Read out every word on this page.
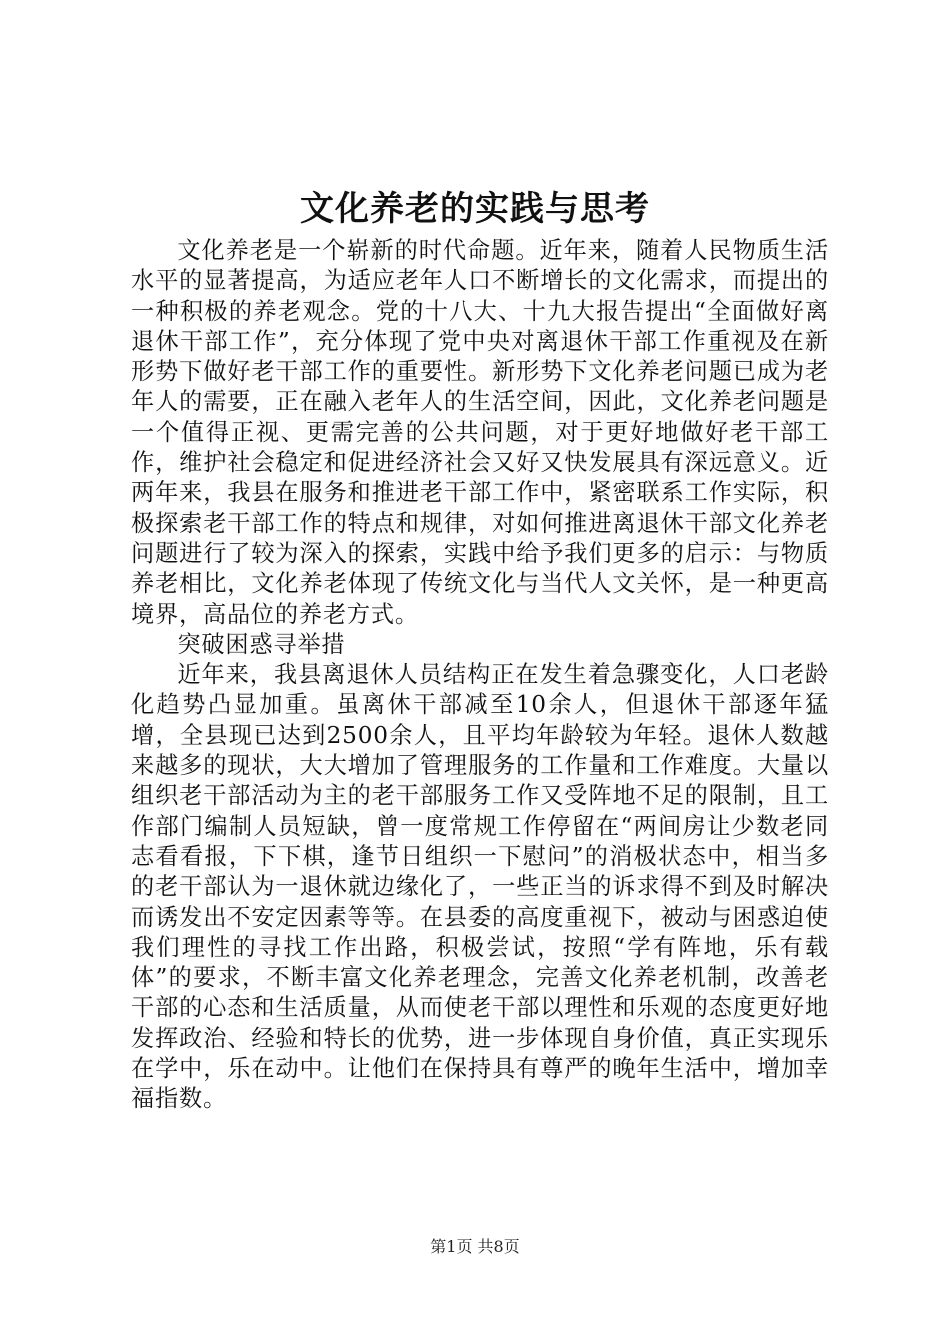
文化养老的实践与思考

文化养老是一个崭新的时代命题。近年来，随着人民物质生活水平的显著提高，为适应老年人口不断增长的文化需求，而提出的一种积极的养老观念。党的十八大、十九大报告提出“全面做好离退休干部工作”，充分体现了党中央对离退休干部工作重视及在新形势下做好老干部工作的重要性。新形势下文化养老问题已成为老年人的需要，正在融入老年人的生活空间，因此，文化养老问题是一个值得正视、更需完善的公共问题，对于更好地做好老干部工作，维护社会稳定和促进经济社会又好又快发展具有深远意义。近两年来，我县在服务和推进老干部工作中，紧密联系工作实际，积极探索老干部工作的特点和规律，对如何推进离退休干部文化养老问题进行了较为深入的探索，实践中给予我们更多的启示：与物质养老相比，文化养老体现了传统文化与当代人文关怀，是一种更高境界，高品位的养老方式。

突破困惑寻举措

近年来，我县离退休人员结构正在发生着急骤变化，人口老龄化趋势凸显加重。虽离休干部减至10余人，但退休干部逐年猛增，全县现已达到2500余人，且平均年龄较为年轻。退休人数越来越多的现状，大大增加了管理服务的工作量和工作难度。大量以组织老干部活动为主的老干部服务工作又受阵地不足的限制，且工作部门编制人员短缺，曾一度常规工作停留在“两间房让少数老同志看看报，下下棋，逢节日组织一下慰问”的消极状态中，相当多的老干部认为一退休就边缘化了，一些正当的诉求得不到及时解决而诱发出不安定因素等等。在县委的高度重视下，被动与困惑迫使我们理性的寻找工作出路，积极尝试，按照“学有阵地，乐有载体”的要求，不断丰富文化养老理念，完善文化养老机制，改善老干部的心态和生活质量，从而使老干部以理性和乐观的态度更好地发挥政治、经验和特长的优势，进一步体现自身价值，真正实现乐在学中，乐在动中。让他们在保持具有尊严的晚年生活中，增加幸福指数。

第1页 共8页
